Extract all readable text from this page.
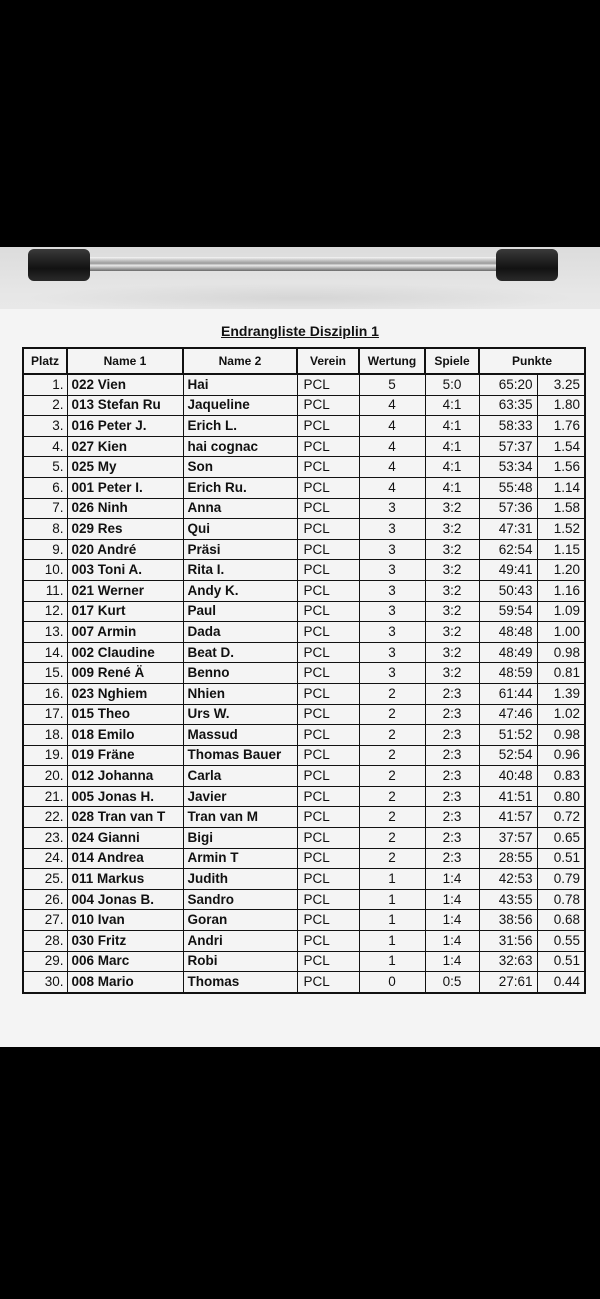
Endrangliste Disziplin 1
Platz	Name 1	Name 2	Verein	Wertung	Spiele	Punkte	
1.	022 Vien	Hai	PCL	5	5:0	65:20	3.25
2.	013 Stefan Ru	Jaqueline	PCL	4	4:1	63:35	1.80
3.	016 Peter J.	Erich L.	PCL	4	4:1	58:33	1.76
4.	027 Kien	hai cognac	PCL	4	4:1	57:37	1.54
5.	025 My	Son	PCL	4	4:1	53:34	1.56
6.	001 Peter I.	Erich Ru.	PCL	4	4:1	55:48	1.14
7.	026 Ninh	Anna	PCL	3	3:2	57:36	1.58
8.	029 Res	Qui	PCL	3	3:2	47:31	1.52
9.	020 André	Präsi	PCL	3	3:2	62:54	1.15
10.	003 Toni A.	Rita I.	PCL	3	3:2	49:41	1.20
11.	021 Werner	Andy K.	PCL	3	3:2	50:43	1.16
12.	017 Kurt	Paul	PCL	3	3:2	59:54	1.09
13.	007 Armin	Dada	PCL	3	3:2	48:48	1.00
14.	002 Claudine	Beat D.	PCL	3	3:2	48:49	0.98
15.	009 René Ä	Benno	PCL	3	3:2	48:59	0.81
16.	023 Nghiem	Nhien	PCL	2	2:3	61:44	1.39
17.	015 Theo	Urs W.	PCL	2	2:3	47:46	1.02
18.	018 Emilo	Massud	PCL	2	2:3	51:52	0.98
19.	019 Fräne	Thomas Bauer	PCL	2	2:3	52:54	0.96
20.	012 Johanna	Carla	PCL	2	2:3	40:48	0.83
21.	005 Jonas H.	Javier	PCL	2	2:3	41:51	0.80
22.	028 Tran van T	Tran van M	PCL	2	2:3	41:57	0.72
23.	024 Gianni	Bigi	PCL	2	2:3	37:57	0.65
24.	014 Andrea	Armin T	PCL	2	2:3	28:55	0.51
25.	011 Markus	Judith	PCL	1	1:4	42:53	0.79
26.	004 Jonas B.	Sandro	PCL	1	1:4	43:55	0.78
27.	010 Ivan	Goran	PCL	1	1:4	38:56	0.68
28.	030 Fritz	Andri	PCL	1	1:4	31:56	0.55
29.	006 Marc	Robi	PCL	1	1:4	32:63	0.51
30.	008 Mario	Thomas	PCL	0	0:5	27:61	0.44
